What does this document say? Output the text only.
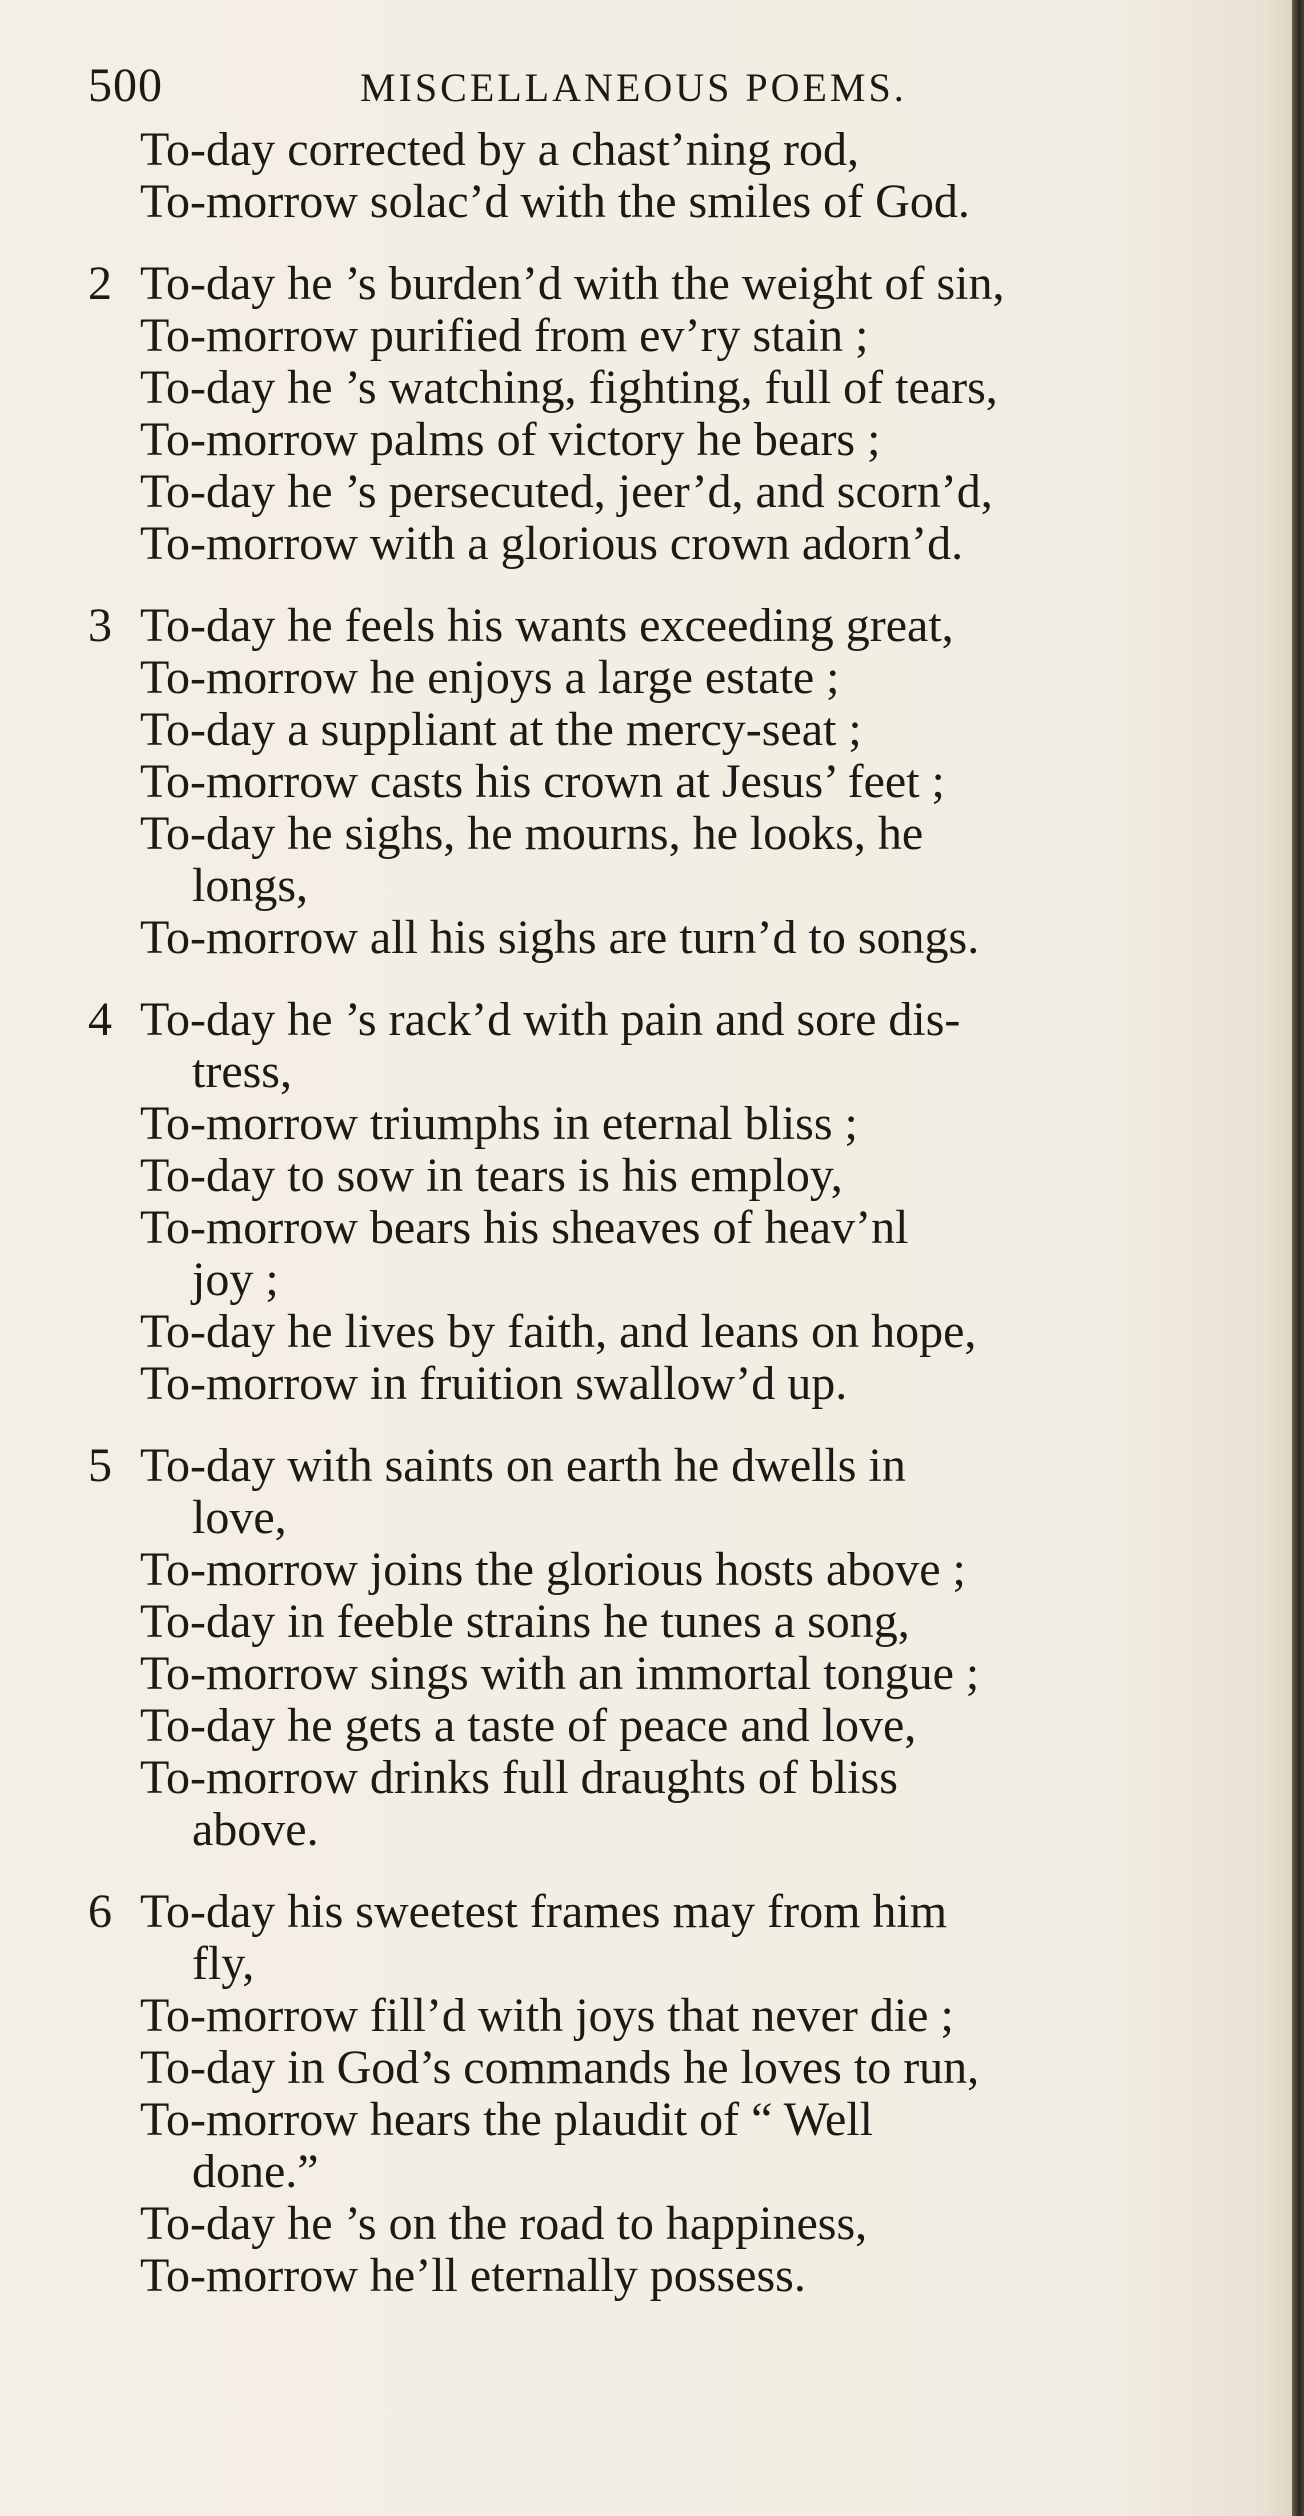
500	MISCELLANEOUS POEMS.
To-day corrected by a chast’ning rod,
To-morrow solac’d with the smiles of God.
2 To-day he ’s burden’d with the weight of sin,
To-morrow purified from ev’ry stain ;
To-day he ’s watching, fighting, full of tears,
To-morrow palms of victory he bears ;
To-day he ’s persecuted, jeer’d, and scorn’d,
To-morrow with a glorious crown adorn’d.
3 To-day he feels his wants exceeding great,
To-morrow he enjoys a large estate ;
To-day a suppliant at the mercy-seat ;
To-morrow casts his crown at Jesus’ feet ;
To-day he sighs, he mourns, he looks, he
longs,
To-morrow all his sighs are turn’d to songs.
4 To-day he ’s rack’d with pain and sore dis-
tress,
To-morrow triumphs in eternal bliss ;
To-day to sow in tears is his employ,
To-morrow bears his sheaves of heav’nl
joy ;
To-day he lives by faith, and leans on hope,
To-morrow in fruition swallow’d up.
5 To-day with saints on earth he dwells in
love,
To-morrow joins the glorious hosts above ;
To-day in feeble strains he tunes a song,
To-morrow sings with an immortal tongue ;
To-day he gets a taste of peace and love,
To-morrow drinks full draughts of bliss
above.
6 To-day his sweetest frames may from him
fly,
To-morrow fill’d with joys that never die ;
To-day in God’s commands he loves to run,
To-morrow hears the plaudit of “ Well
done.”
To-day he ’s on the road to happiness,
To-morrow he’ll eternally possess.
